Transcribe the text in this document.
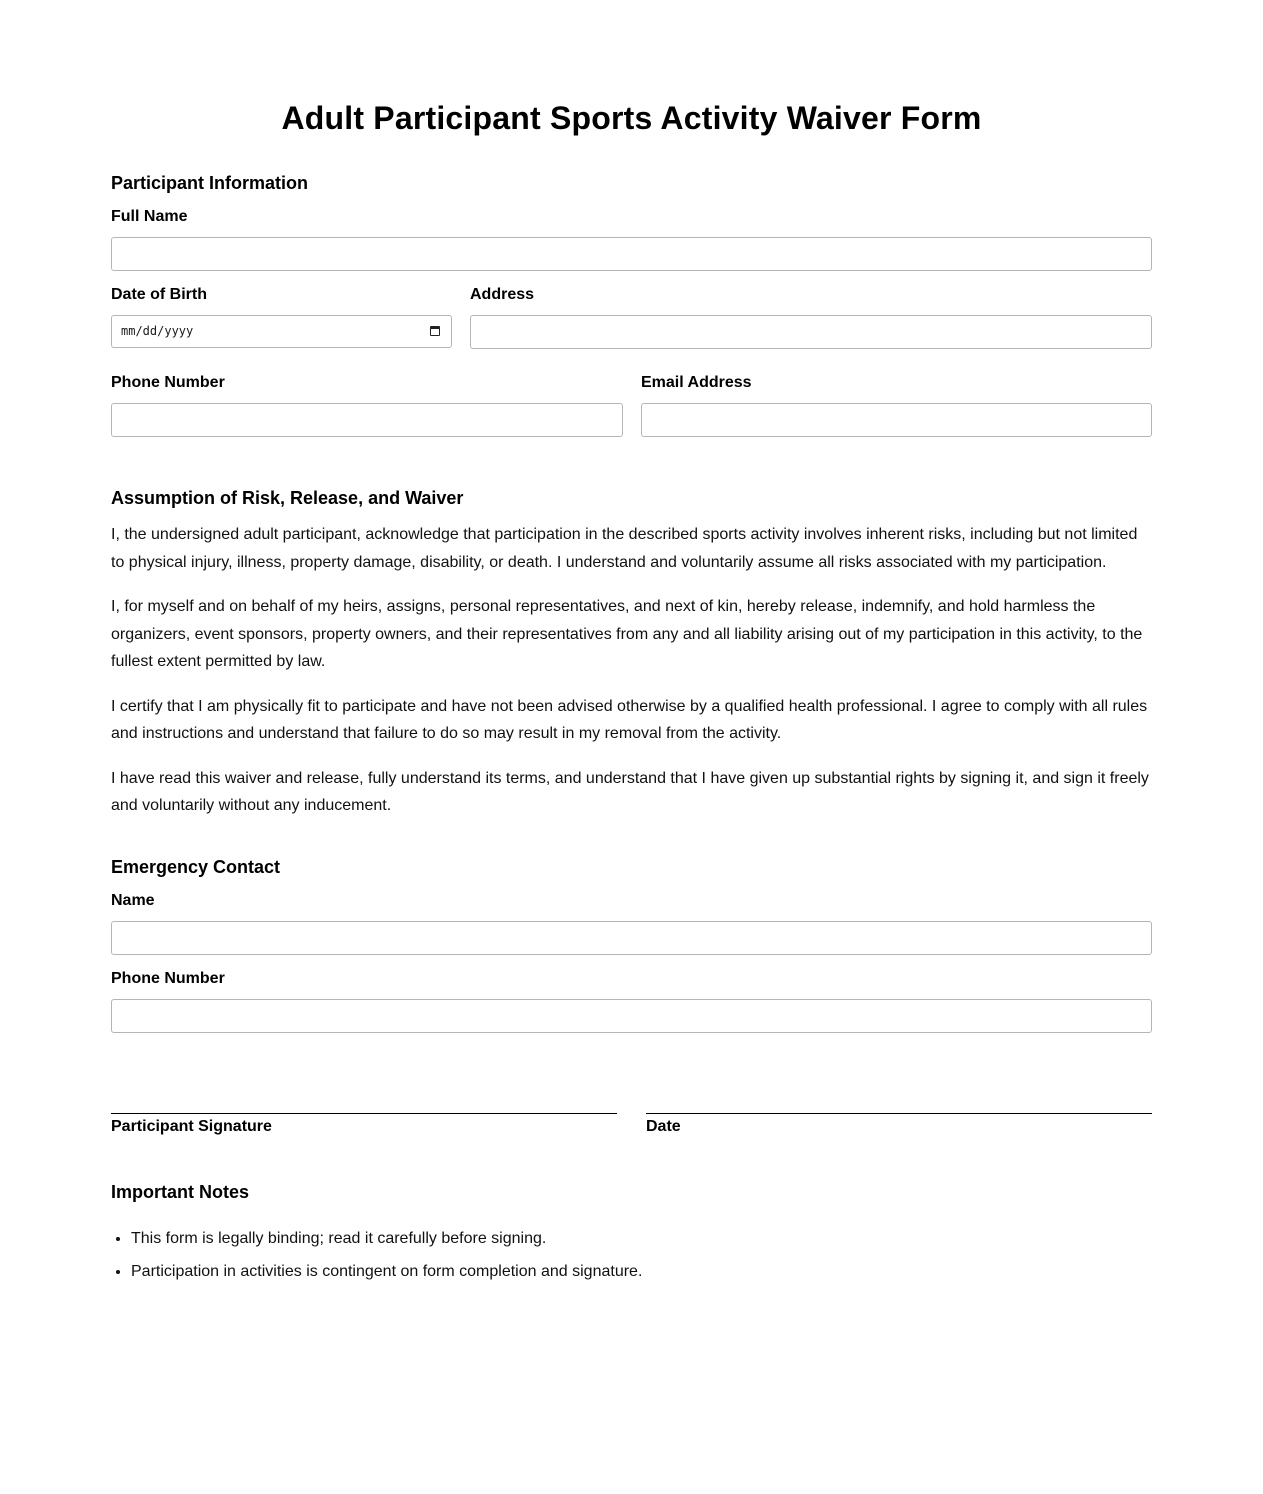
Adult Participant Sports Activity Waiver Form
Participant Information
Full Name
Date of Birth
mm/dd/yyyy
Address
Phone Number	Email Address
Assumption of Risk, Release, and Waiver

I, the undersigned adult participant, acknowledge that participation in the described sports activity involves inherent risks, including but not limited to physical injury, illness, property damage, disability, or death. I understand and voluntarily assume all risks associated with my participation.

I, for myself and on behalf of my heirs, assigns, personal representatives, and next of kin, hereby release, indemnify, and hold harmless the organizers, event sponsors, property owners, and their representatives from any and all liability arising out of my participation in this activity, to the fullest extent permitted by law.

I certify that I am physically fit to participate and have not been advised otherwise by a qualified health professional. I agree to comply with all rules and instructions and understand that failure to do so may result in my removal from the activity.

I have read this waiver and release, fully understand its terms, and understand that I have given up substantial rights by signing it, and sign it freely and voluntarily without any inducement.

Emergency Contact
Name
Phone Number
Participant Signature	Date
Important Notes
• This form is legally binding; read it carefully before signing.
• Participation in activities is contingent on form completion and signature.
